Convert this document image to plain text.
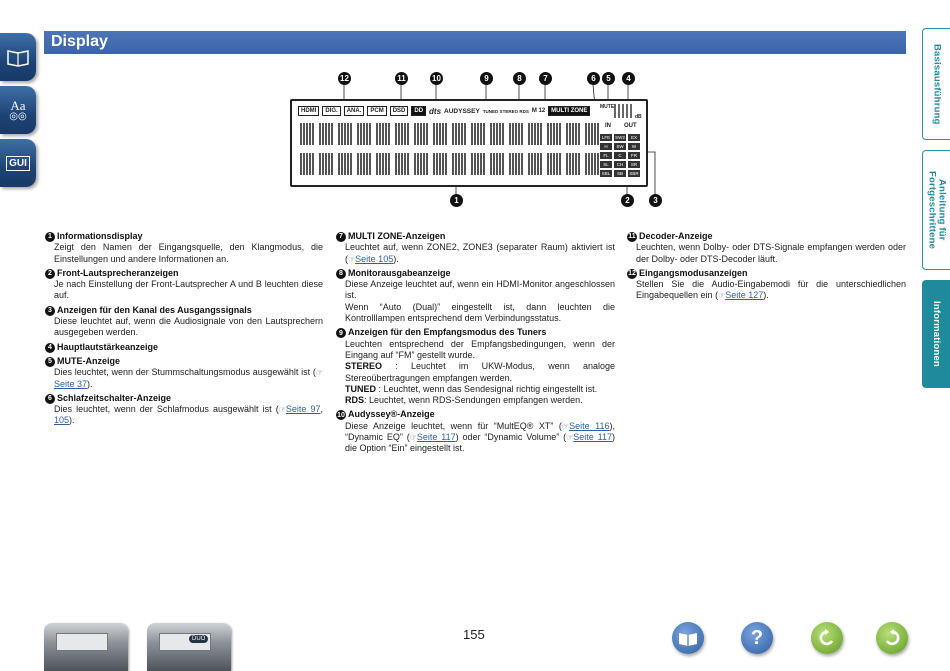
Aa
◎◎
GUI
Basisausführung
Anleitung für Fortgeschrittene
Informationen
Display
12	11	10	9	8	7	6	5	4
HDMI	DIG.	ANA.	PCM	DSD	DD dts AUDYSSEY TUNED STEREO RDS M 12	MULTI ZONE
MUTE
dB
IN OUT
LFE	SW2	EX
H	SW	W
FL	C	FR
SL	CH	SR
SBL	SB	SBR
1	2	3
1 Informationsdisplay
Zeigt den Namen der Eingangsquelle, den Klangmodus, die Einstellungen und andere Informationen an.
2 Front-Lautsprecheranzeigen
Je nach Einstellung der Front-Lautsprecher A und B leuchten diese auf.
3 Anzeigen für den Kanal des Ausgangssignals
Diese leuchtet auf, wenn die Audiosignale von den Lautsprechern ausgegeben werden.
4 Hauptlautstärkeanzeige
5 MUTE-Anzeige
Dies leuchtet, wenn der Stummschaltungsmodus ausgewählt ist (☞Seite 37).
6 Schlafzeitschalter-Anzeige
Dies leuchtet, wenn der Schlafmodus ausgewählt ist (☞Seite 97, 105).
7 MULTI ZONE-Anzeigen
Leuchtet auf, wenn ZONE2, ZONE3 (separater Raum) aktiviert ist (☞Seite 105).
8 Monitorausgabeanzeige
Diese Anzeige leuchtet auf, wenn ein HDMI-Monitor angeschlossen ist.
Wenn “Auto (Dual)” eingestellt ist, dann leuchten die Kontrolllampen entsprechend dem Verbindungsstatus.
9 Anzeigen für den Empfangsmodus des Tuners
Leuchten entsprechend der Empfangsbedingungen, wenn der Eingang auf “FM” gestellt wurde.
STEREO : Leuchtet im UKW-Modus, wenn analoge Stereoübertragungen empfangen werden.
TUNED : Leuchtet, wenn das Sendesignal richtig eingestellt ist.
RDS: Leuchtet, wenn RDS-Sendungen empfangen werden.
10 Audyssey®-Anzeige
Diese Anzeige leuchtet, wenn für “MultEQ® XT” (☞Seite 116), “Dynamic EQ” (☞Seite 117) oder “Dynamic Volume” (☞Seite 117) die Option “Ein” eingestellt ist.
11 Decoder-Anzeige
Leuchten, wenn Dolby- oder DTS-Signale empfangen werden oder der Dolby- oder DTS-Decoder läuft.
12 Eingangsmodusanzeigen
Stellen Sie die Audio-Eingabemodi für die unterschiedlichen Eingabequellen ein (☞Seite 127).
DUO	155	?
